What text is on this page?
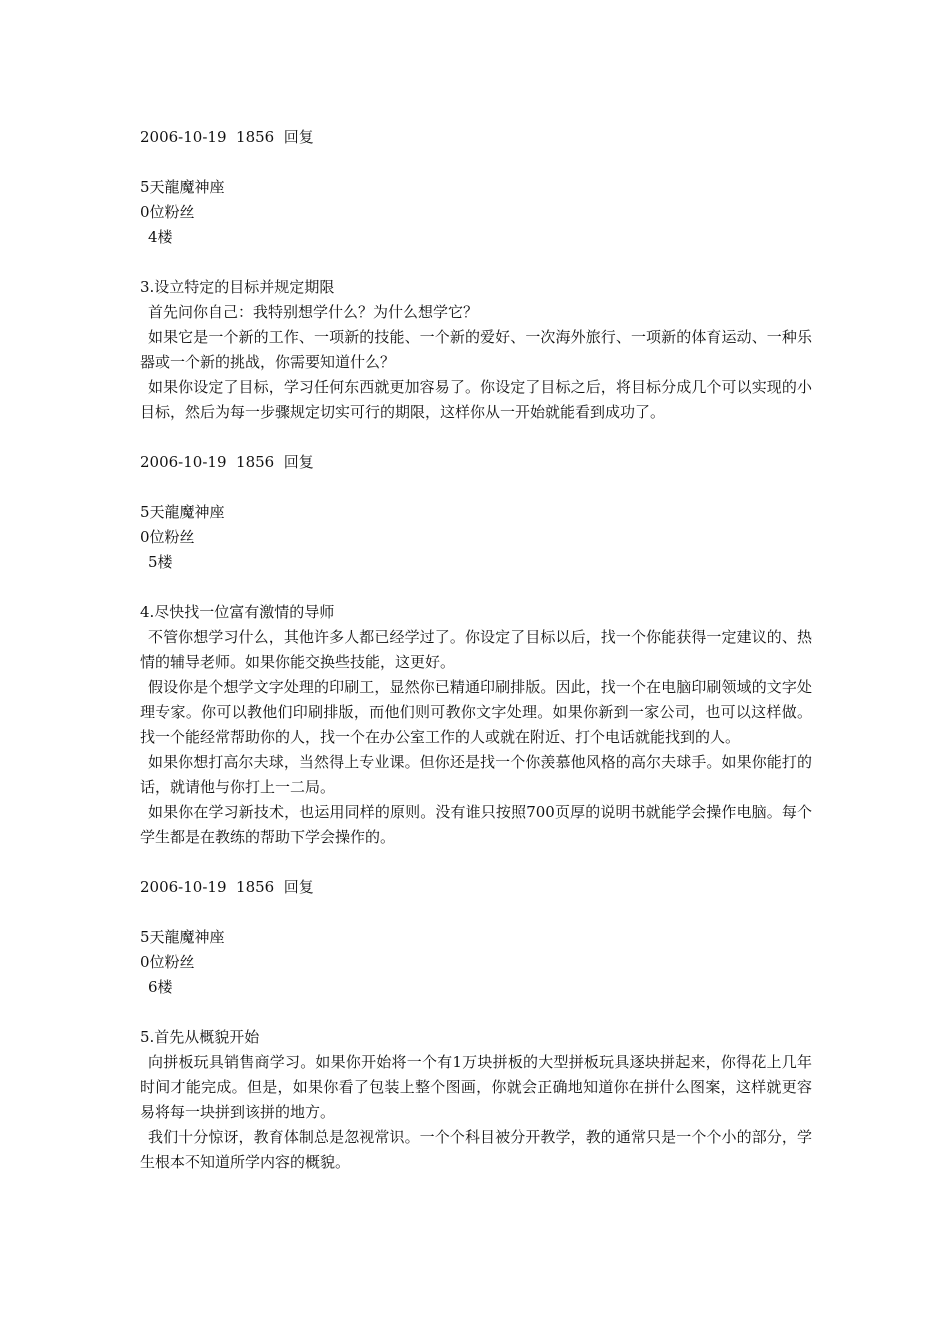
2006-10-19  1856  回复
5天龍魔神座
0位粉丝
4楼
3.设立特定的目标并规定期限
首先问你自己：我特别想学什么？为什么想学它？
如果它是一个新的工作、一项新的技能、一个新的爱好、一次海外旅行、一项新的体育运动、一种乐器或一个新的挑战，你需要知道什么？
如果你设定了目标，学习任何东西就更加容易了。你设定了目标之后，将目标分成几个可以实现的小目标，然后为每一步骤规定切实可行的期限，这样你从一开始就能看到成功了。
2006-10-19  1856  回复
5天龍魔神座
0位粉丝
5楼
4.尽快找一位富有激情的导师
不管你想学习什么，其他许多人都已经学过了。你设定了目标以后，找一个你能获得一定建议的、热情的辅导老师。如果你能交换些技能，这更好。
假设你是个想学文字处理的印刷工，显然你已精通印刷排版。因此，找一个在电脑印刷领域的文字处理专家。你可以教他们印刷排版，而他们则可教你文字处理。如果你新到一家公司，也可以这样做。找一个能经常帮助你的人，找一个在办公室工作的人或就在附近、打个电话就能找到的人。
如果你想打高尔夫球，当然得上专业课。但你还是找一个你羡慕他风格的高尔夫球手。如果你能打的话，就请他与你打上一二局。
如果你在学习新技术，也运用同样的原则。没有谁只按照700页厚的说明书就能学会操作电脑。每个学生都是在教练的帮助下学会操作的。
2006-10-19  1856  回复
5天龍魔神座
0位粉丝
6楼
5.首先从概貌开始
向拼板玩具销售商学习。如果你开始将一个有1万块拼板的大型拼板玩具逐块拼起来，你得花上几年时间才能完成。但是，如果你看了包装上整个图画，你就会正确地知道你在拼什么图案，这样就更容易将每一块拼到该拼的地方。
我们十分惊讶，教育体制总是忽视常识。一个个科目被分开教学，教的通常只是一个个小的部分，学生根本不知道所学内容的概貌。
